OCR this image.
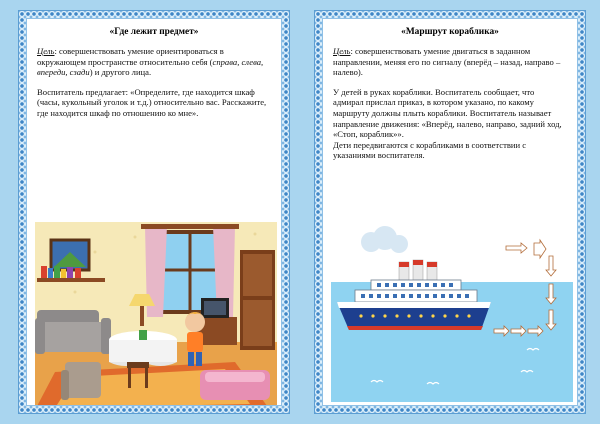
«Где лежит предмет»
Цель: совершенствовать умение ориентироваться в окружающем пространстве относительно себя (справа, слева, впереди, сзади) и другого лица.
Воспитатель предлагает: «Определите, где находится шкаф (часы, кукольный уголок и т.д.) относительно вас. Расскажите, где находится шкаф по отношению ко мне».
«Маршрут кораблика»
Цель: совершенствовать умение двигаться в заданном направлении, меняя его по сигналу (вперёд – назад, направо – налево).
У детей в руках кораблики. Воспитатель сообщает, что адмирал прислал приказ, в котором указано, по какому маршруту должны плыть кораблики. Воспитатель называет направление движения: «Вперёд, налево, направо, задний ход, «Стоп, кораблик»».
Дети передвигаются с корабликами в соответствии с указаниями воспитателя.
